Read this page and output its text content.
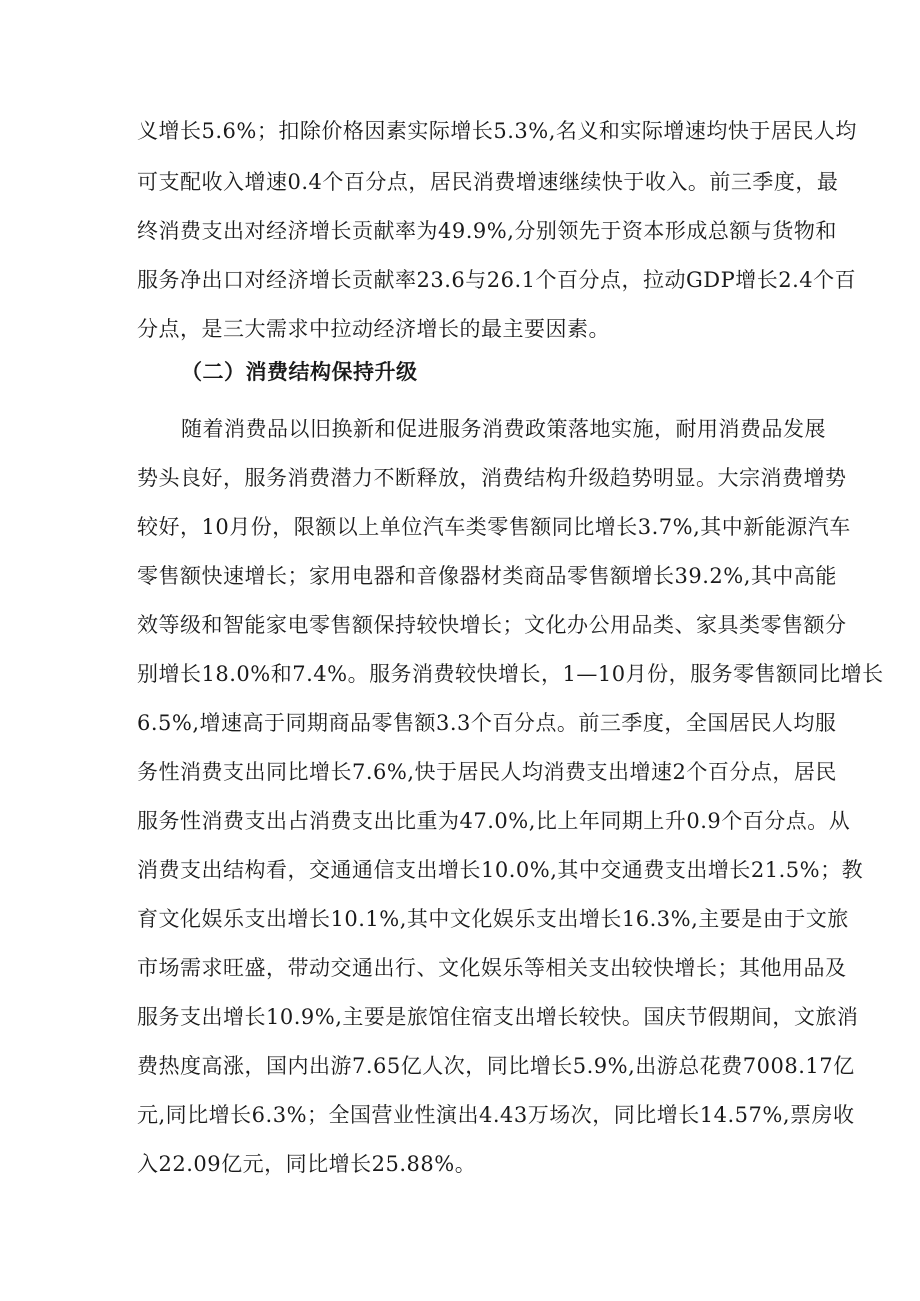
义增长5.6%；扣除价格因素实际增长5.3%,名义和实际增速均快于居民人均
可支配收入增速0.4个百分点，居民消费增速继续快于收入。前三季度，最
终消费支出对经济增长贡献率为49.9%,分别领先于资本形成总额与货物和
服务净出口对经济增长贡献率23.6与26.1个百分点，拉动GDP增长2.4个百
分点，是三大需求中拉动经济增长的最主要因素。
（二）消费结构保持升级
随着消费品以旧换新和促进服务消费政策落地实施，耐用消费品发展
势头良好，服务消费潜力不断释放，消费结构升级趋势明显。大宗消费增势
较好，10月份，限额以上单位汽车类零售额同比增长3.7%,其中新能源汽车
零售额快速增长；家用电器和音像器材类商品零售额增长39.2%,其中高能
效等级和智能家电零售额保持较快增长；文化办公用品类、家具类零售额分
别增长18.0%和7.4%。服务消费较快增长，1—10月份，服务零售额同比增长
6.5%,增速高于同期商品零售额3.3个百分点。前三季度，全国居民人均服
务性消费支出同比增长7.6%,快于居民人均消费支出增速2个百分点，居民
服务性消费支出占消费支出比重为47.0%,比上年同期上升0.9个百分点。从
消费支出结构看，交通通信支出增长10.0%,其中交通费支出增长21.5%；教
育文化娱乐支出增长10.1%,其中文化娱乐支出增长16.3%,主要是由于文旅
市场需求旺盛，带动交通出行、文化娱乐等相关支出较快增长；其他用品及
服务支出增长10.9%,主要是旅馆住宿支出增长较快。国庆节假期间，文旅消
费热度高涨，国内出游7.65亿人次，同比增长5.9%,出游总花费7008.17亿
元,同比增长6.3%；全国营业性演出4.43万场次，同比增长14.57%,票房收
入22.09亿元，同比增长25.88%。
